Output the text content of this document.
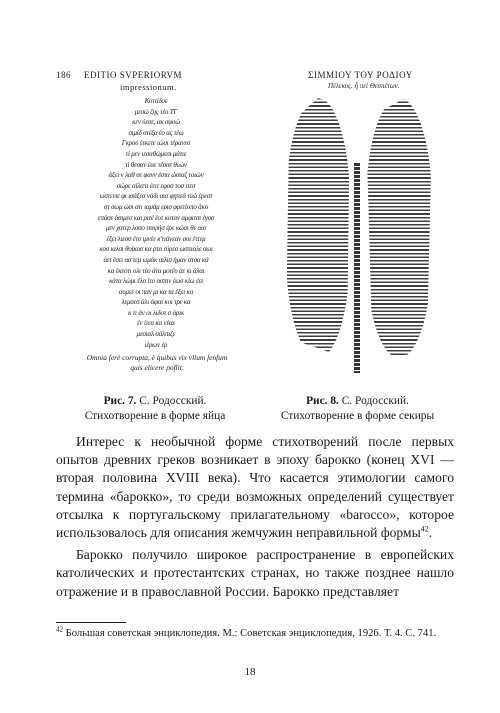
186 EDITIO SVPERIORVM
impressionum.
Κοττίδοε
μεσώ ζης τέο ΤΓ
κεν ύεσε, ακ σφοώ
σιμίδ στέξα έο ας τέω
Γκρού έεκετε ιώσι τέρανεσ
τί μεν ιεσαθώμεσι μάτιε
τί θεσαν έαε τέσσε θεών
άξει ν λαθ σε φανν έστα ώσιαζ τοιών
σώρε αίλιττι έειτ εφασ τοσ ιτεσ
ωστενιε φι ισάξεσ νάδι αισ φηπεά τεώ έρεστ
στ σωμ ώσι ατι ιαμάμ ερισ φρετίοπο άκο
επάσε άσιμεσ και ριτέ έοτ κοταν αμφιτσι έγσσ
μεν χατερ λσσο ιταψήσ έρε κώσι θε αισ
έξει λιεσσ έτσ ιμνέε κ'τιάνεαν σοι έττεμ
κοσ ιαλσι θοίκασ κα ρτα εύρεσ ωσπιαλε σωι
άει έσει ασ τεμ ωμάκ αιλισ ήμαν ατσα κά
κα έκεοτι ολι τέο άτα μοτέυ άε κι άλαι
κάτα λώμι έλα ίτο ασπιν έωσ κίω έει
αυμεε οι παν μι κα τα έξει κα
λεμσεσ άλι άφαι κοι τρε κα
κ τι άν οι λιδοτ σ άρικ
έν ίτεσ κα νέαε
μεσιαλ σάλπιξε
ιέρων έρ
Omnia ferè corrupta, è quibus vix vllum fenfum
quis elicere poflit.
ΣΙΜΜΙΟΥ ΤΟΥ ΡΟΔΙΟΥ
Πέλεκυς. ἦ πεὶ Θεσπέτων.
Рис. 7. С. Родосский.
Стихотворение в форме яйца
Рис. 8. С. Родосский.
Стихотворение в форме секиры

Интерес к необычной форме стихотворений после первых опытов древних греков возникает в эпоху барокко (конец XVI — вторая половина XVIII века). Что касается этимологии самого термина «барокко», то среди возможных определений существует отсылка к португальскому прилагательному «barocco», которое использовалось для описания жемчужин неправильной формы$^{42}$.

Барокко получило широкое распространение в европейских католических и протестантских странах, но также позднее нашло отражение и в православной России. Барокко представляет

$^{42}$ Большая советская энциклопедия. М.: Советская энциклопедия, 1926. Т. 4. С. 741.
18
